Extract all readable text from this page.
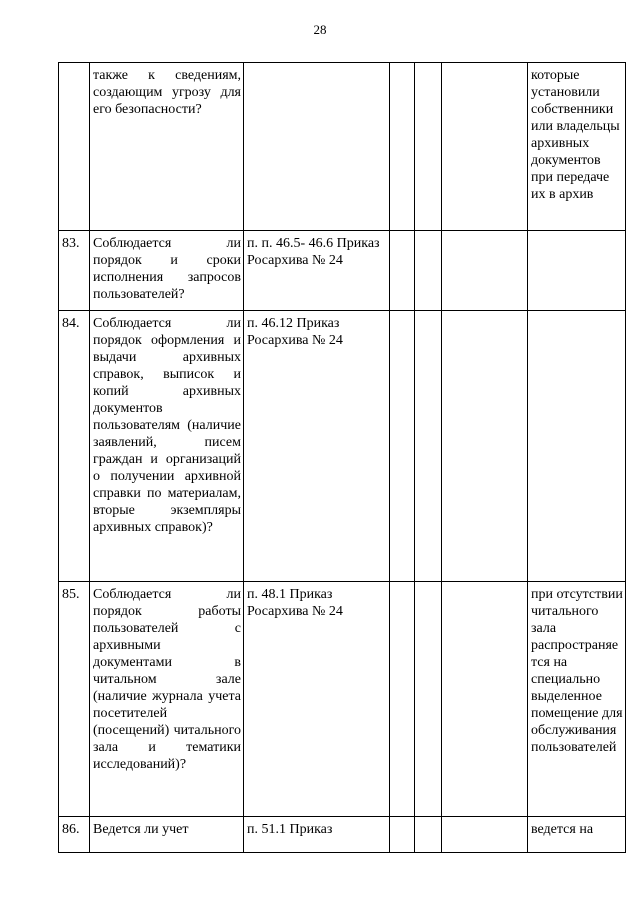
28
	также к сведениям, создающим угрозу для его безопасности?					которые установили собственники или владельцы архивных документов при передаче их в архив
83.	Соблюдается ли порядок и сроки исполнения запросов пользователей?	п. п. 46.5- 46.6 Приказ Росархива № 24				
84.	Соблюдается ли порядок оформления и выдачи архивных справок, выписок и копий архивных документов пользователям (наличие заявлений, писем граждан и организаций о получении архивной справки по материалам, вторые экземпляры архивных справок)?	п. 46.12 Приказ Росархива № 24				
85.	Соблюдается ли порядок работы пользователей с архивными документами в читальном зале (наличие журнала учета посетителей (посещений) читального зала и тематики исследований)?	п. 48.1 Приказ Росархива № 24				при отсутствии читального зала распространяется на специально выделенное помещение для обслуживания пользователей
86.	Ведется ли учет	п. 51.1 Приказ				ведется на
